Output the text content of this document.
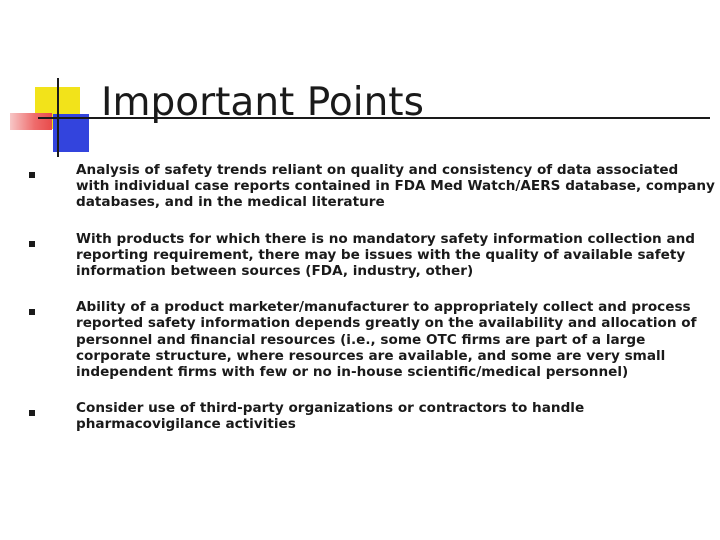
Important Points
Analysis of safety trends reliant on quality and consistency of data associated with individual case reports contained in FDA Med Watch/AERS database, company databases, and in the medical literature
With products for which there is no mandatory safety information collection and reporting requirement, there may be issues with the quality of available safety information between sources (FDA, industry, other)
Ability of a product marketer/manufacturer to appropriately collect and process reported safety information depends greatly on the availability and allocation of personnel and financial resources (i.e., some OTC firms are part of a large corporate structure, where resources are available, and some are very small independent firms with few or no in-house scientific/medical personnel)
Consider use of third-party organizations or contractors to handle pharmacovigilance activities
